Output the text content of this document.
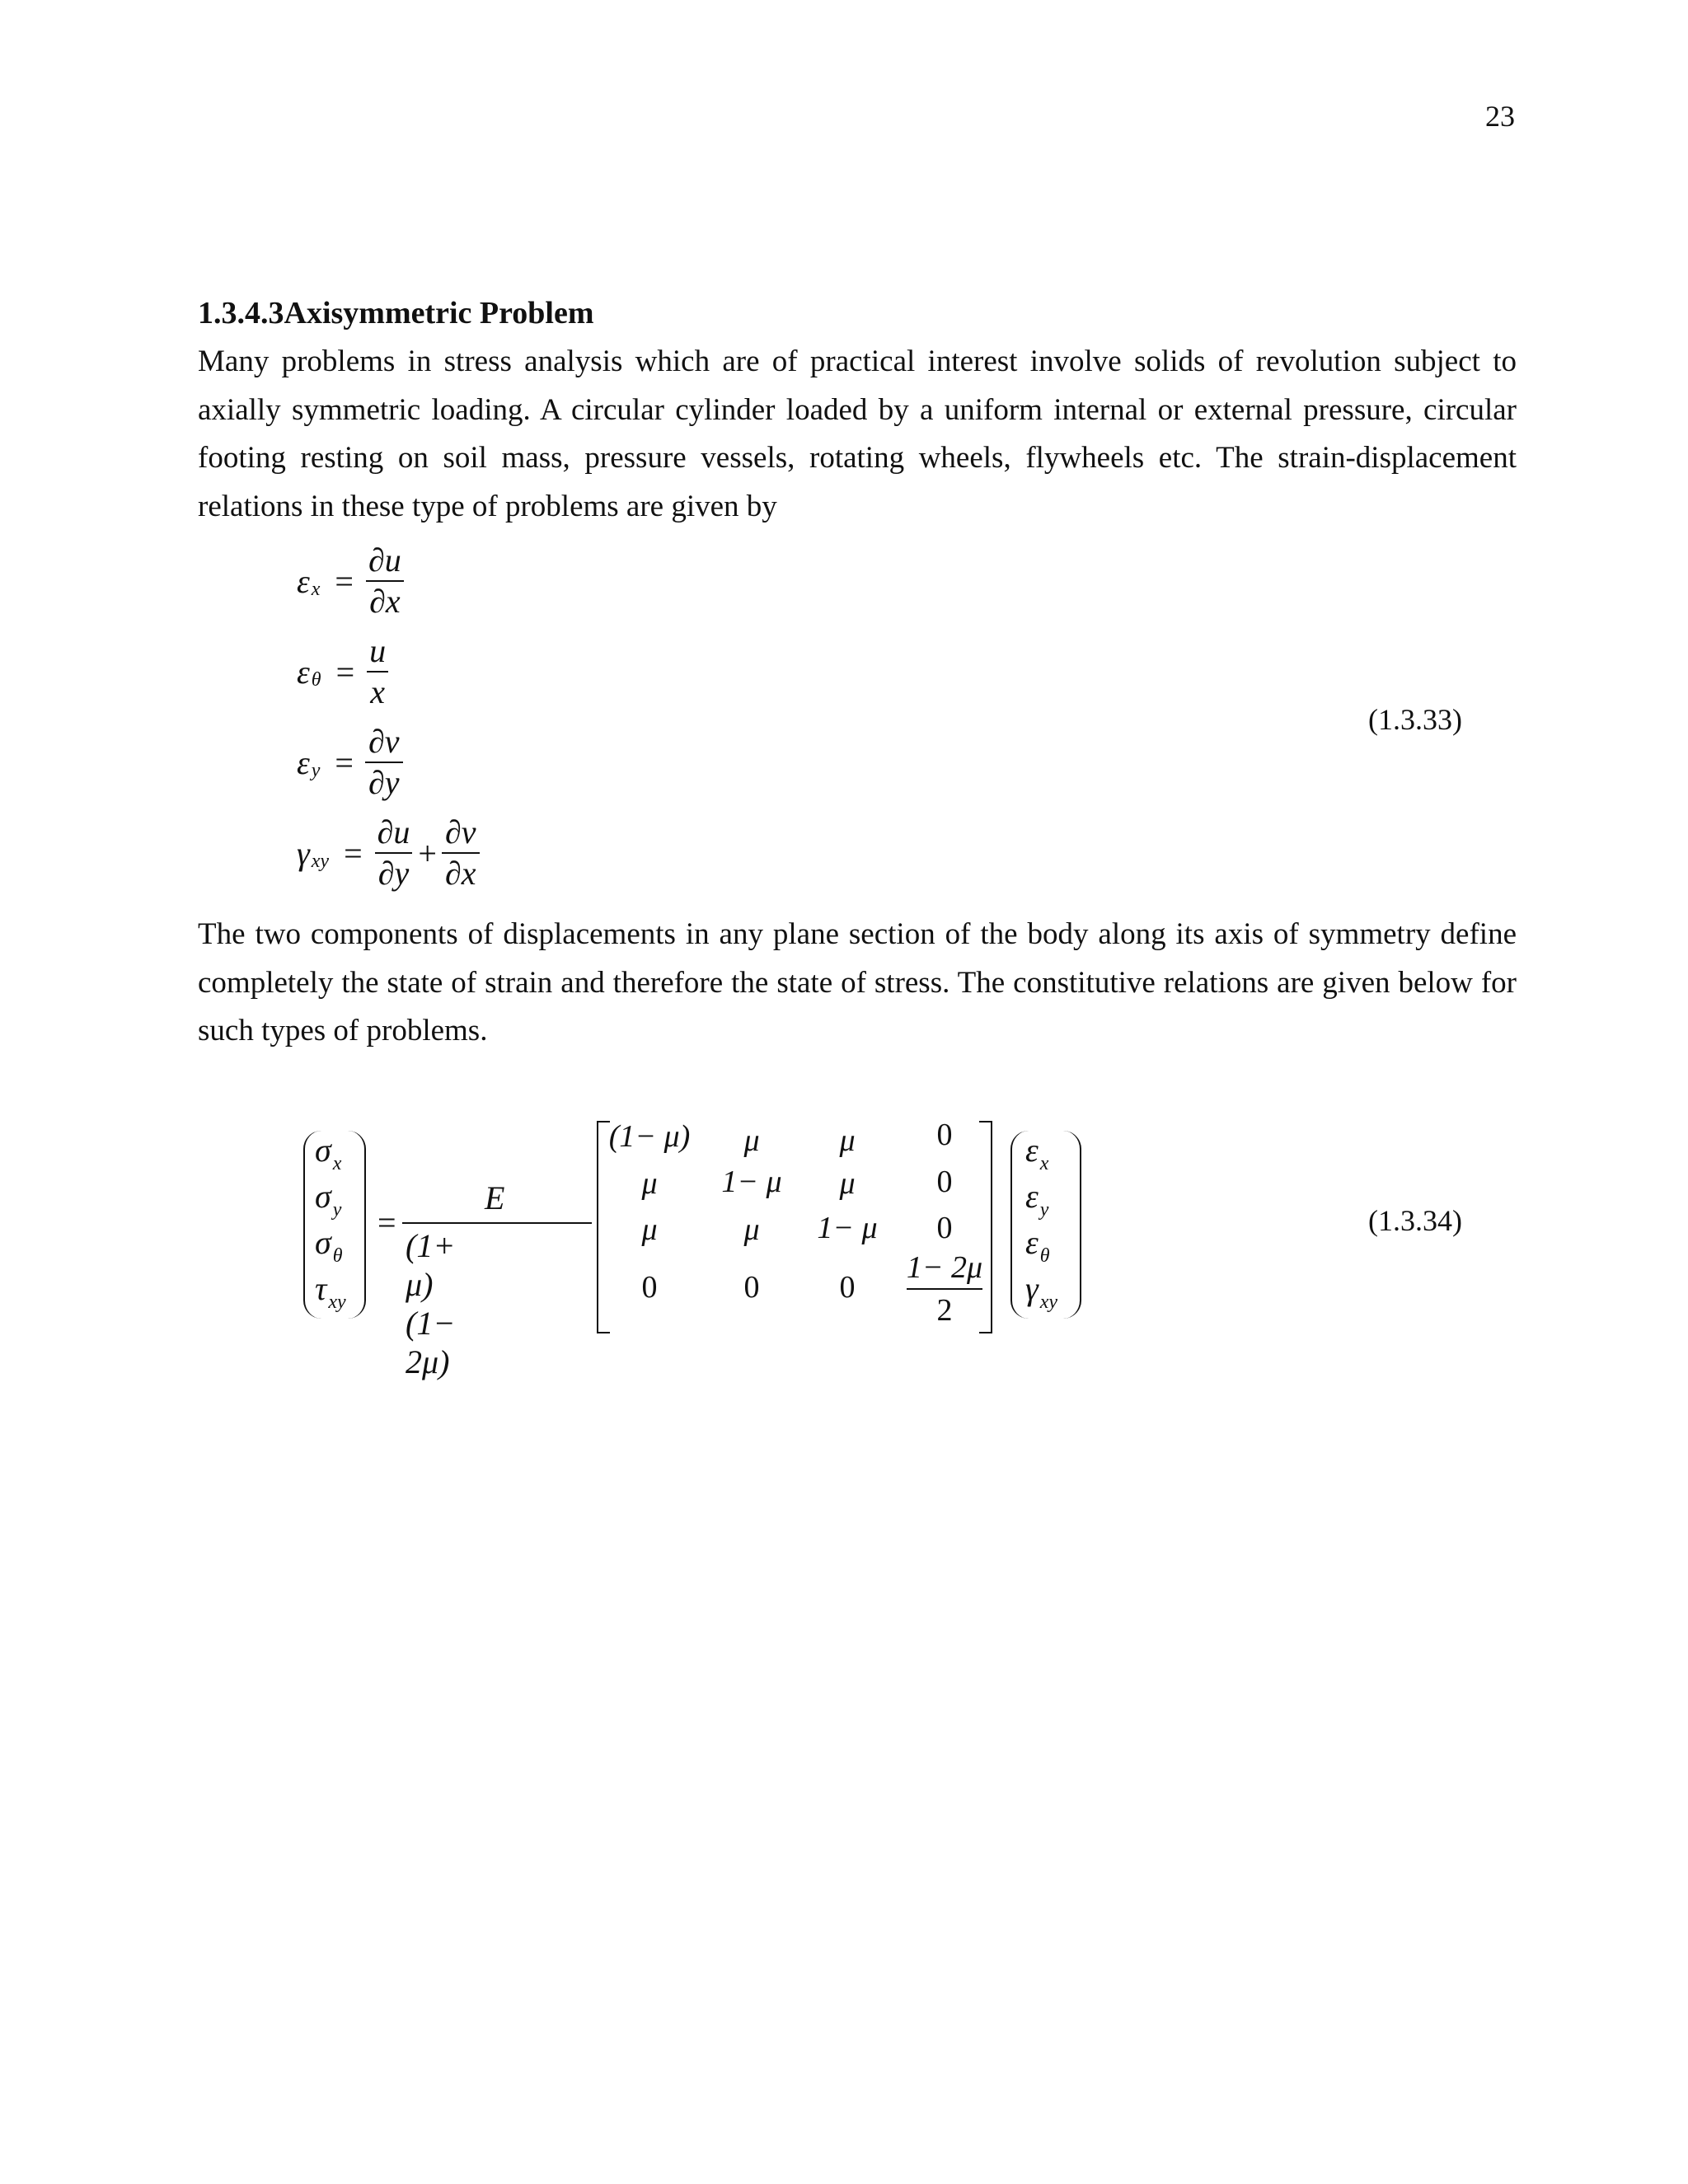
23
1.3.4.3Axisymmetric Problem

Many problems in stress analysis which are of practical interest involve solids of revolution subject to axially symmetric loading. A circular cylinder loaded by a uniform internal or external pressure, circular footing resting on soil mass, pressure vessels, rotating wheels, flywheels etc. The strain-displacement relations in these type of problems are given by

ε $x = \frac{\partial u}{\partial x}$
ε $\theta = \frac{u}{x}$
ε $y = \frac{\partial v}{\partial y}$
γ xy = $\frac{\partial u}{\partial y} + \frac{\partial v}{\partial x}$
(1.3.33)

The two components of displacements in any plane section of the body along its axis of symmetry define completely the state of strain and therefore the state of stress. The constitutive relations are given below for such types of problems.

$\sigma_x$
$\sigma_y$
$\sigma_\theta$
$\tau_{xy}$
=
E
(1+ μ)(1− 2μ)
(1− μ)	μ	μ	0
μ	1− μ	μ	0
μ	μ	1− μ	0
0	0	0	$\frac{1- 2\mu}{2}$
$\varepsilon_x$
$\varepsilon_y$
$\varepsilon_\theta$
$\gamma_{xy}$
(1.3.34)
